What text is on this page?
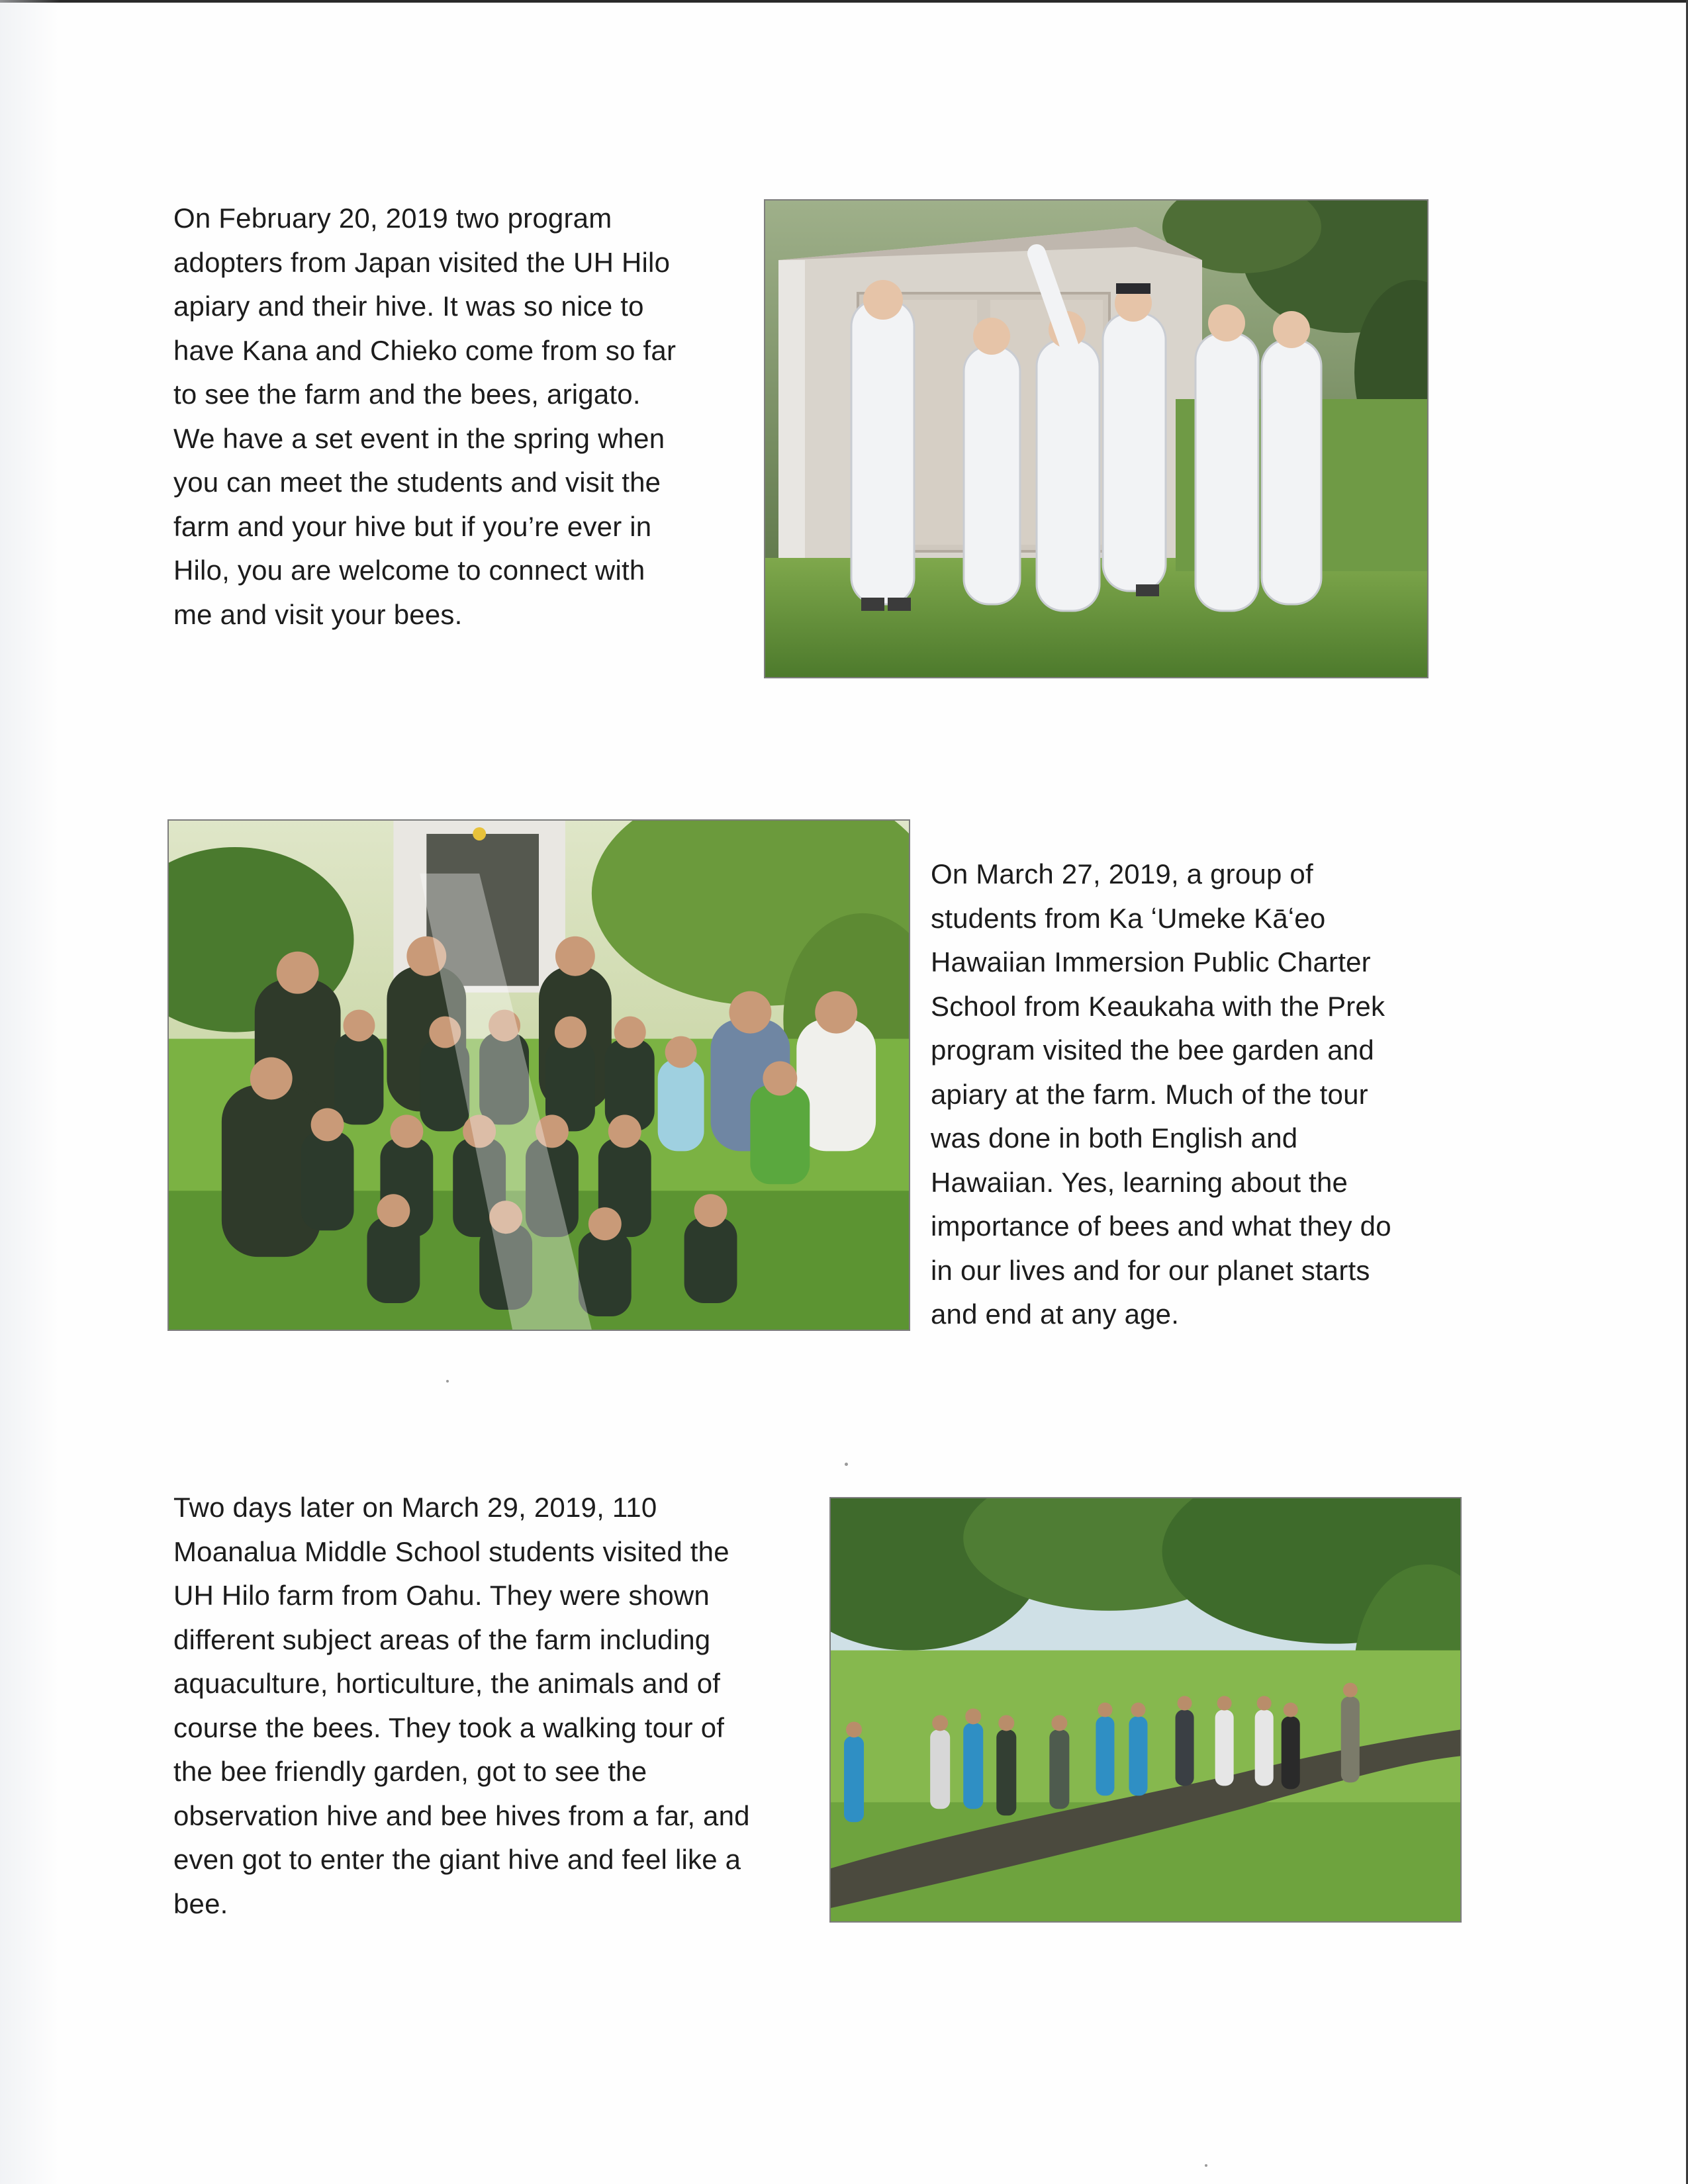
On February 20, 2019 two program
adopters from Japan visited the UH Hilo
apiary and their hive. It was so nice to
have Kana and Chieko come from so far
to see the farm and the bees, arigato.
We have a set event in the spring when
you can meet the students and visit the
farm and your hive but if you’re ever in
Hilo, you are welcome to connect with
me and visit your bees.

On March 27, 2019, a group of
students from Ka ʻUmeke Kāʻeo
Hawaiian Immersion Public Charter
School from Keaukaha with the Prek
program visited the bee garden and
apiary at the farm. Much of the tour
was done in both English and
Hawaiian. Yes, learning about the
importance of bees and what they do
in our lives and for our planet starts
and end at any age.

Two days later on March 29, 2019, 110
Moanalua Middle School students visited the
UH Hilo farm from Oahu. They were shown
different subject areas of the farm including
aquaculture, horticulture, the animals and of
course the bees. They took a walking tour of
the bee friendly garden, got to see the
observation hive and bee hives from a far, and
even got to enter the giant hive and feel like a
bee.
